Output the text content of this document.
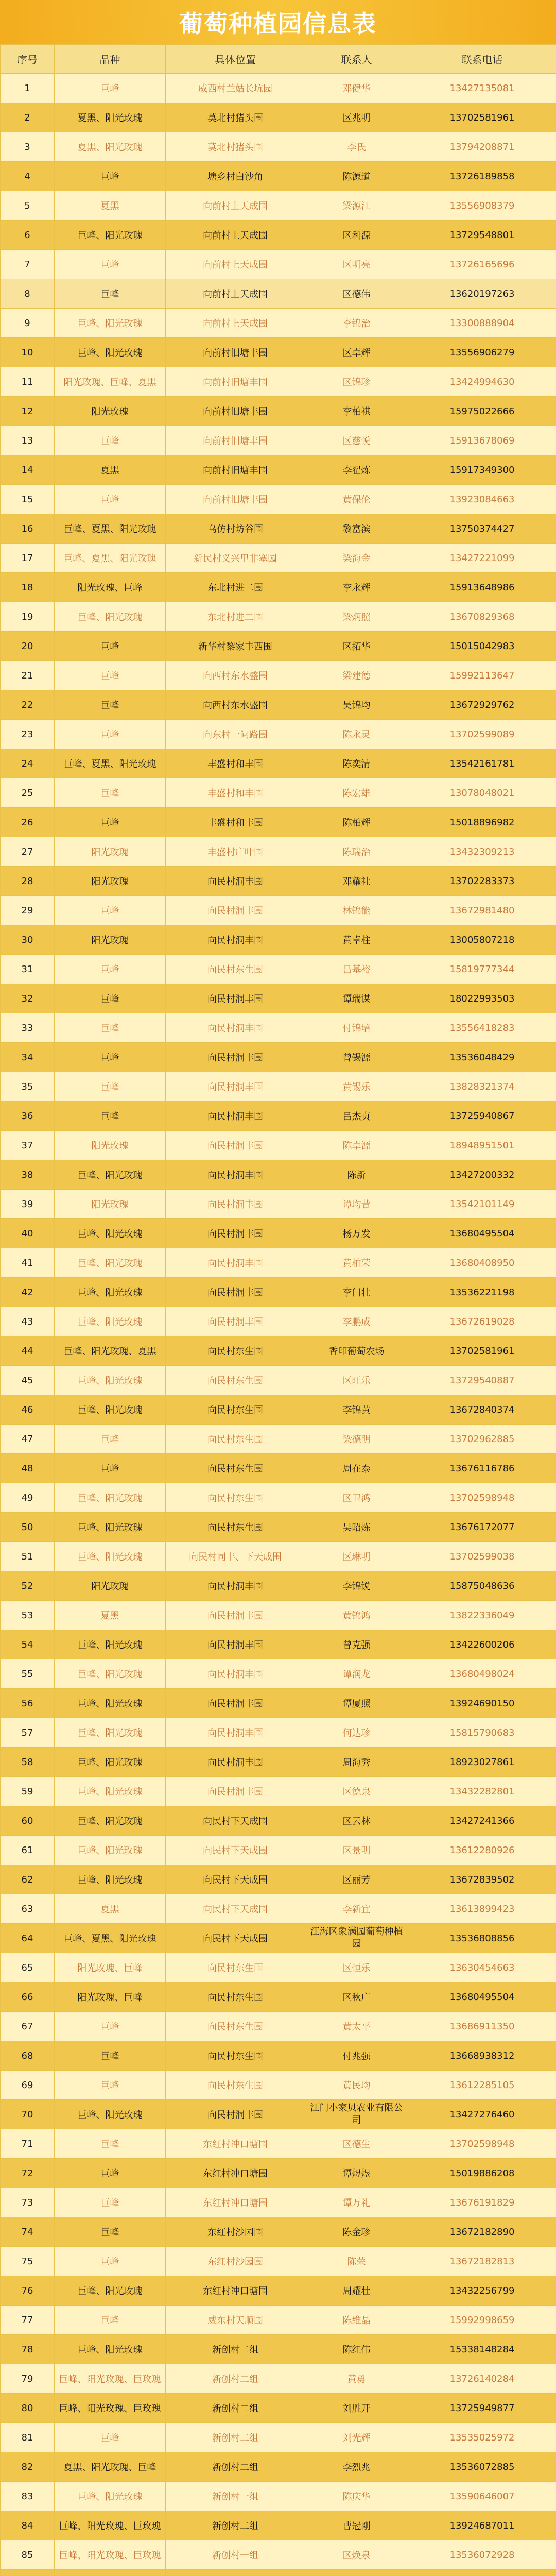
葡萄种植园信息表
序号	品种	具体位置	联系人	联系电话
1	巨峰	威西村兰姑长坑园	邓健华	13427135081
2	夏黑、阳光玫瑰	莫北村猪头围	区兆明	13702581961
3	夏黑、阳光玫瑰	莫北村猪头围	李氏	13794208871
4	巨峰	塘乡村白沙角	陈源道	13726189858
5	夏黑	向前村上天成围	梁源江	13556908379
6	巨峰、阳光玫瑰	向前村上天成围	区利源	13729548801
7	巨峰	向前村上天成围	区明亮	13726165696
8	巨峰	向前村上天成围	区德伟	13620197263
9	巨峰、阳光玫瑰	向前村上天成围	李锦治	13300888904
10	巨峰、阳光玫瑰	向前村旧塘丰围	区卓辉	13556906279
11	阳光玫瑰、巨峰、夏黑	向前村旧塘丰围	区锦珍	13424994630
12	阳光玫瑰	向前村旧塘丰围	李柏祺	15975022666
13	巨峰	向前村旧塘丰围	区慈悦	15913678069
14	夏黑	向前村旧塘丰围	李翟炼	15917349300
15	巨峰	向前村旧塘丰围	黄保伦	13923084663
16	巨峰、夏黑、阳光玫瑰	乌仿村坊谷围	黎富滨	13750374427
17	巨峰、夏黑、阳光玫瑰	新民村义兴里非塞园	梁海金	13427221099
18	阳光玫瑰、巨峰	东北村进二围	李永辉	15913648986
19	巨峰、阳光玫瑰	东北村进二围	梁炳照	13670829368
20	巨峰	新华村黎家丰西围	区拓华	15015042983
21	巨峰	向西村东水盛围	梁建德	15992113647
22	巨峰	向西村东水盛围	吴锦均	13672929762
23	巨峰	向东村一问路围	陈永灵	13702599089
24	巨峰、夏黑、阳光玫瑰	丰盛村和丰围	陈奕清	13542161781
25	巨峰	丰盛村和丰围	陈宏雄	13078048021
26	巨峰	丰盛村和丰围	陈柏辉	15018896982
27	阳光玫瑰	丰盛村广叶围	陈瑞治	13432309213
28	阳光玫瑰	向民村洞丰围	邓耀社	13702283373
29	巨峰	向民村洞丰围	林锦能	13672981480
30	阳光玫瑰	向民村洞丰围	黄卓柱	13005807218
31	巨峰	向民村东生围	吕基裕	15819777344
32	巨峰	向民村洞丰围	谭瑞谋	18022993503
33	巨峰	向民村洞丰围	付锦培	13556418283
34	巨峰	向民村洞丰围	曾锡源	13536048429
35	巨峰	向民村洞丰围	黄锡乐	13828321374
36	巨峰	向民村洞丰围	吕杰贞	13725940867
37	阳光玫瑰	向民村洞丰围	陈卓源	18948951501
38	巨峰、阳光玫瑰	向民村洞丰围	陈新	13427200332
39	阳光玫瑰	向民村洞丰围	谭均昔	13542101149
40	巨峰、阳光玫瑰	向民村洞丰围	杨万发	13680495504
41	巨峰、阳光玫瑰	向民村洞丰围	黄柏荣	13680408950
42	巨峰、阳光玫瑰	向民村洞丰围	李门壮	13536221198
43	巨峰、阳光玫瑰	向民村洞丰围	李鹏成	13672619028
44	巨峰、阳光玫瑰、夏黑	向民村东生围	香印葡萄农场	13702581961
45	巨峰、阳光玫瑰	向民村东生围	区旺乐	13729540887
46	巨峰、阳光玫瑰	向民村东生围	李锦黄	13672840374
47	巨峰	向民村东生围	梁德明	13702962885
48	巨峰	向民村东生围	周在泰	13676116786
49	巨峰、阳光玫瑰	向民村东生围	区卫鸿	13702598948
50	巨峰、阳光玫瑰	向民村东生围	吴昭炼	13676172077
51	巨峰、阳光玫瑰	向民村同丰、下天成围	区琳明	13702599038
52	阳光玫瑰	向民村洞丰围	李锦锐	15875048636
53	夏黑	向民村洞丰围	黄锦鸿	13822336049
54	巨峰、阳光玫瑰	向民村洞丰围	曾克强	13422600206
55	巨峰、阳光玫瑰	向民村洞丰围	谭润龙	13680498024
56	巨峰、阳光玫瑰	向民村洞丰围	谭厦照	13924690150
57	巨峰、阳光玫瑰	向民村洞丰围	何达珍	15815790683
58	巨峰、阳光玫瑰	向民村洞丰围	周海秀	18923027861
59	巨峰、阳光玫瑰	向民村洞丰围	区德泉	13432282801
60	巨峰、阳光玫瑰	向民村下天成围	区云林	13427241366
61	巨峰、阳光玫瑰	向民村下天成围	区景明	13612280926
62	巨峰、阳光玫瑰	向民村下天成围	区丽芳	13672839502
63	夏黑	向民村下天成围	李新宜	13613899423
64	巨峰、夏黑、阳光玫瑰	向民村下天成围	江海区象满园葡萄种植园	13536808856
65	阳光玫瑰、巨峰	向民村东生围	区恒乐	13630454663
66	阳光玫瑰、巨峰	向民村东生围	区秋广	13680495504
67	巨峰	向民村东生围	黄太平	13686911350
68	巨峰	向民村东生围	付兆强	13668938312
69	巨峰	向民村东生围	黄民均	13612285105
70	巨峰、阳光玫瑰	向民村洞丰围	江门小家贝农业有限公司	13427276460
71	巨峰	东红村冲口塘围	区德生	13702598948
72	巨峰	东红村冲口塘围	谭煜煜	15019886208
73	巨峰	东红村冲口塘围	谭万礼	13676191829
74	巨峰	东红村沙园围	陈金珍	13672182890
75	巨峰	东红村沙园围	陈荣	13672182813
76	巨峰、阳光玫瑰	东红村冲口塘围	周耀壮	13432256799
77	巨峰	威东村天顺围	陈维晶	15992998659
78	巨峰、阳光玫瑰	新创村二组	陈红伟	15338148284
79	巨峰、阳光玫瑰、巨玫瑰	新创村二组	黄勇	13726140284
80	巨峰、阳光玫瑰、巨玫瑰	新创村二组	刘胜开	13725949877
81	巨峰	新创村二组	刘光辉	13535025972
82	夏黑、阳光玫瑰、巨峰	新创村二组	李烈兆	13536072885
83	巨峰、阳光玫瑰	新创村一组	陈庆华	13590646007
84	巨峰、阳光玫瑰、巨玫瑰	新创村二组	曹冠刚	13924687011
85	巨峰、阳光玫瑰、巨玫瑰	新创村一组	区焕泉	13536072928
